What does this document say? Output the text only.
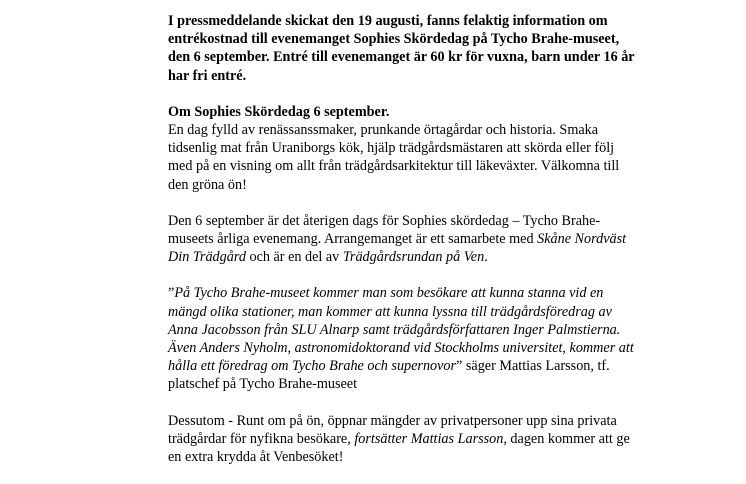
I pressmeddelande skickat den 19 augusti, fanns felaktig information om
entrékostnad till evenemanget Sophies Skördedag på Tycho Brahe-museet,
den 6 september. Entré till evenemanget är 60 kr för vuxna, barn under 16 år
har fri entré.
Om Sophies Skördedag 6 september.
En dag fylld av renässanssmaker, prunkande örtagårdar och historia. Smaka
tidsenlig mat från Uraniborgs kök, hjälp trädgårdsmästaren att skörda eller följ
med på en visning om allt från trädgårdsarkitektur till läkeväxter. Välkomna till
den gröna ön!
Den 6 september är det återigen dags för Sophies skördedag – Tycho Brahe-
museets årliga evenemang. Arrangemanget är ett samarbete med Skåne Nordväst
Din Trädgård och är en del av Trädgårdsrundan på Ven.
”På Tycho Brahe-museet kommer man som besökare att kunna stanna vid en
mängd olika stationer, man kommer att kunna lyssna till trädgårdsföredrag av
Anna Jacobsson från SLU Alnarp samt trädgårdsförfattaren Inger Palmstierna.
Även Anders Nyholm, astronomidoktorand vid Stockholms universitet, kommer att
hålla ett föredrag om Tycho Brahe och supernovor” säger Mattias Larsson, tf.
platschef på Tycho Brahe-museet
Dessutom - Runt om på ön, öppnar mängder av privatpersoner upp sina privata
trädgårdar för nyfikna besökare, fortsätter Mattias Larsson, dagen kommer att ge
en extra krydda åt Venbesöket!
